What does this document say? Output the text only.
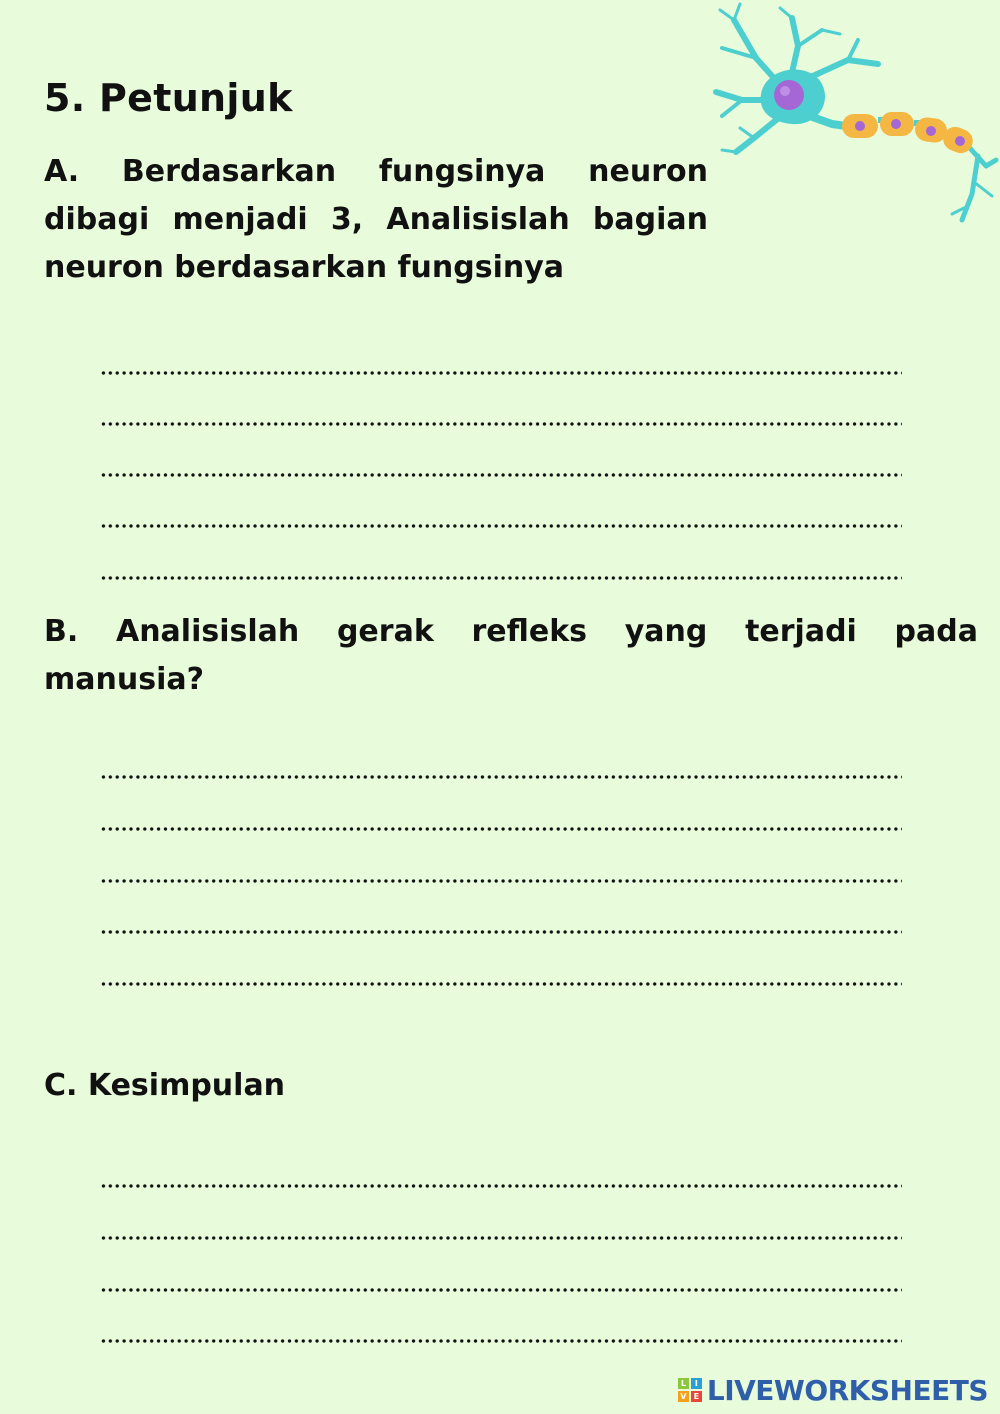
5. Petunjuk

A. Berdasarkan fungsinya neuron dibagi menjadi 3, Analisislah bagian neuron berdasarkan fungsinya

B. Analisislah gerak refleks yang terjadi pada manusia?

C. Kesimpulan

L	I
V E LIVEWORKSHEETS
